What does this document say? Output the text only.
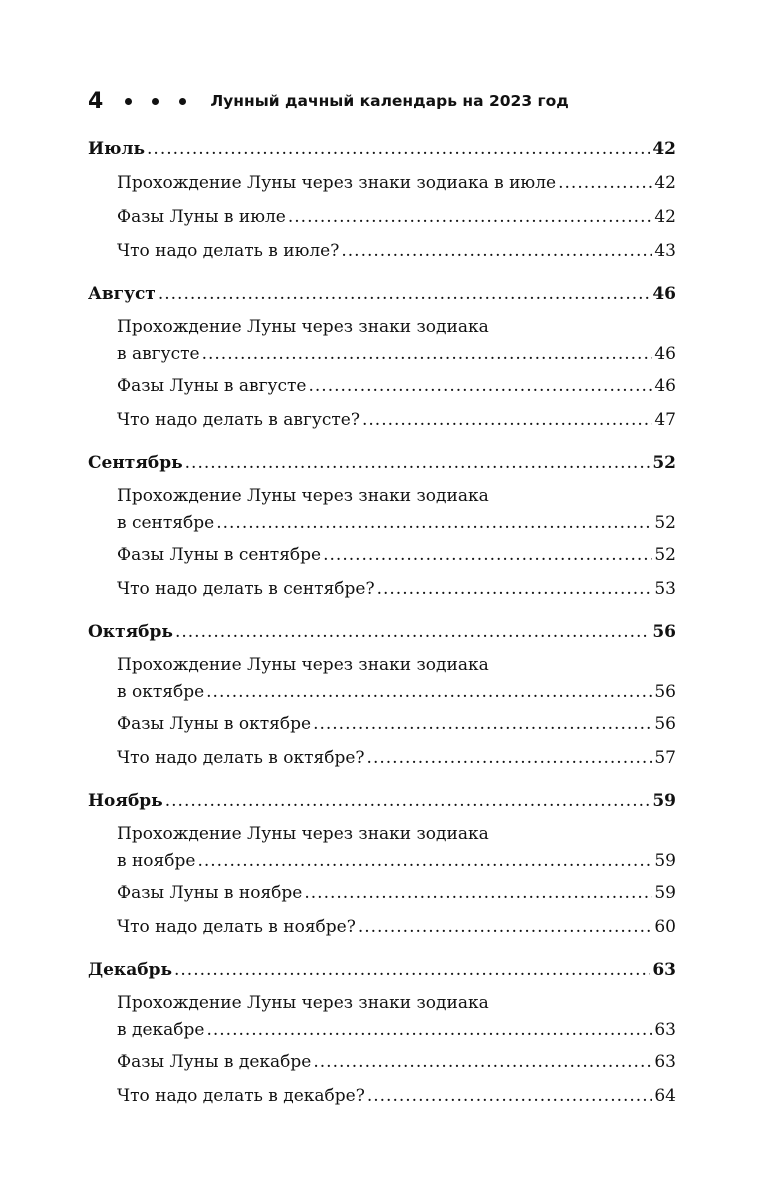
4	Лунный дачный календарь на 2023 год
Июль .....	42
Прохождение Луны через знаки зодиака в июле .....	42
Фазы Луны в июле .....	42
Что надо делать в июле? .....	43
Август .....	46
Прохождение Луны через знаки зодиака
в августе .....	46
Фазы Луны в августе .....	46
Что надо делать в августе? .....	47
Сентябрь .....	52
Прохождение Луны через знаки зодиака
в сентябре .....	52
Фазы Луны в сентябре .....	52
Что надо делать в сентябре? .....	53
Октябрь .....	56
Прохождение Луны через знаки зодиака
в октябре .....	56
Фазы Луны в октябре .....	56
Что надо делать в октябре? .....	57
Ноябрь .....	59
Прохождение Луны через знаки зодиака
в ноябре .....	59
Фазы Луны в ноябре .....	59
Что надо делать в ноябре? .....	60
Декабрь .....	63
Прохождение Луны через знаки зодиака
в декабре .....	63
Фазы Луны в декабре .....	63
Что надо делать в декабре? .....	64
